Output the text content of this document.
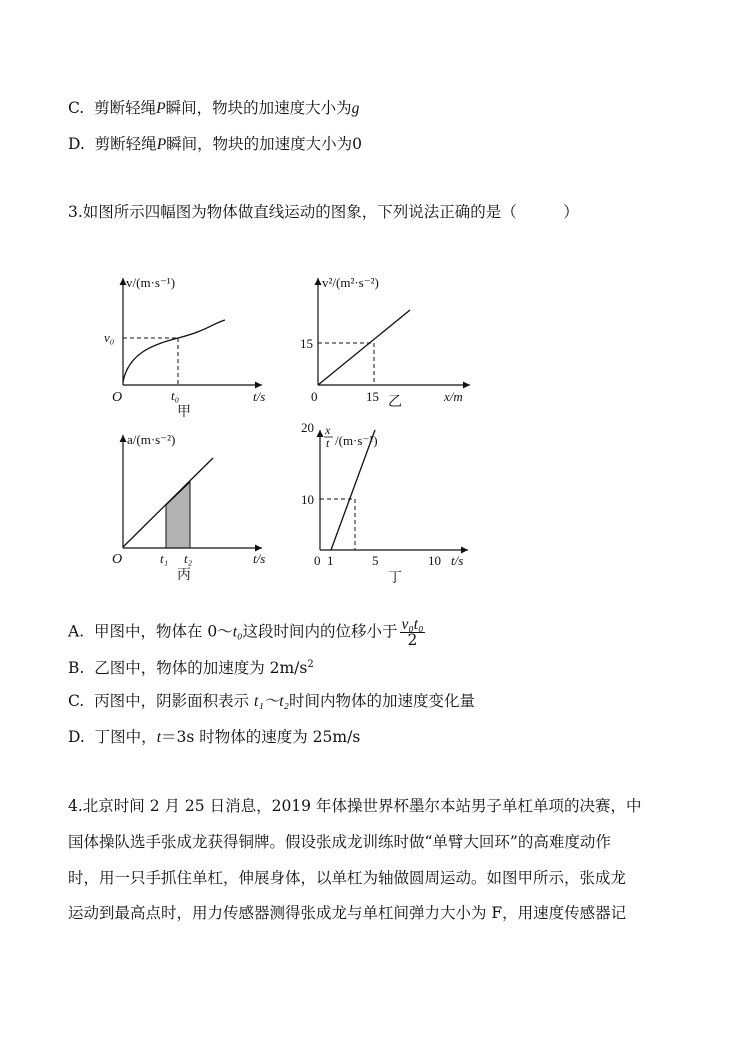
C. 剪断轻绳P瞬间，物块的加速度大小为g
D. 剪断轻绳P瞬间，物块的加速度大小为0
3.如图所示四幅图为物体做直线运动的图象，下列说法正确的是（　　　）
v/(m·s⁻¹)
v₀
t₀
O	t/s
甲
v²/(m²·s⁻²)
15
15
0	x/m
乙
a/(m·s⁻²)
t₁ t₂
O	t/s
丙
x
t /(m·s⁻¹)
20
10
0 1	5	10 t/s
丁
A. 甲图中，物体在 0～t₀这段时间内的位移小于 $\frac{\text{v₀t₀}}{2}$
B. 乙图中，物体的加速度为 $2m/s^2$
C. 丙图中，阴影面积表示 t₁～t₂时间内物体的加速度变化量
D. 丁图中，t＝3s 时物体的速度为 25m/s
4.北京时间 2 月 25 日消息，2019 年体操世界杯墨尔本站男子单杠单项的决赛，中
国体操队选手张成龙获得铜牌。假设张成龙训练时做“单臂大回环”的高难度动作
时，用一只手抓住单杠，伸展身体，以单杠为轴做圆周运动。如图甲所示，张成龙
运动到最高点时，用力传感器测得张成龙与单杠间弹力大小为 F，用速度传感器记
